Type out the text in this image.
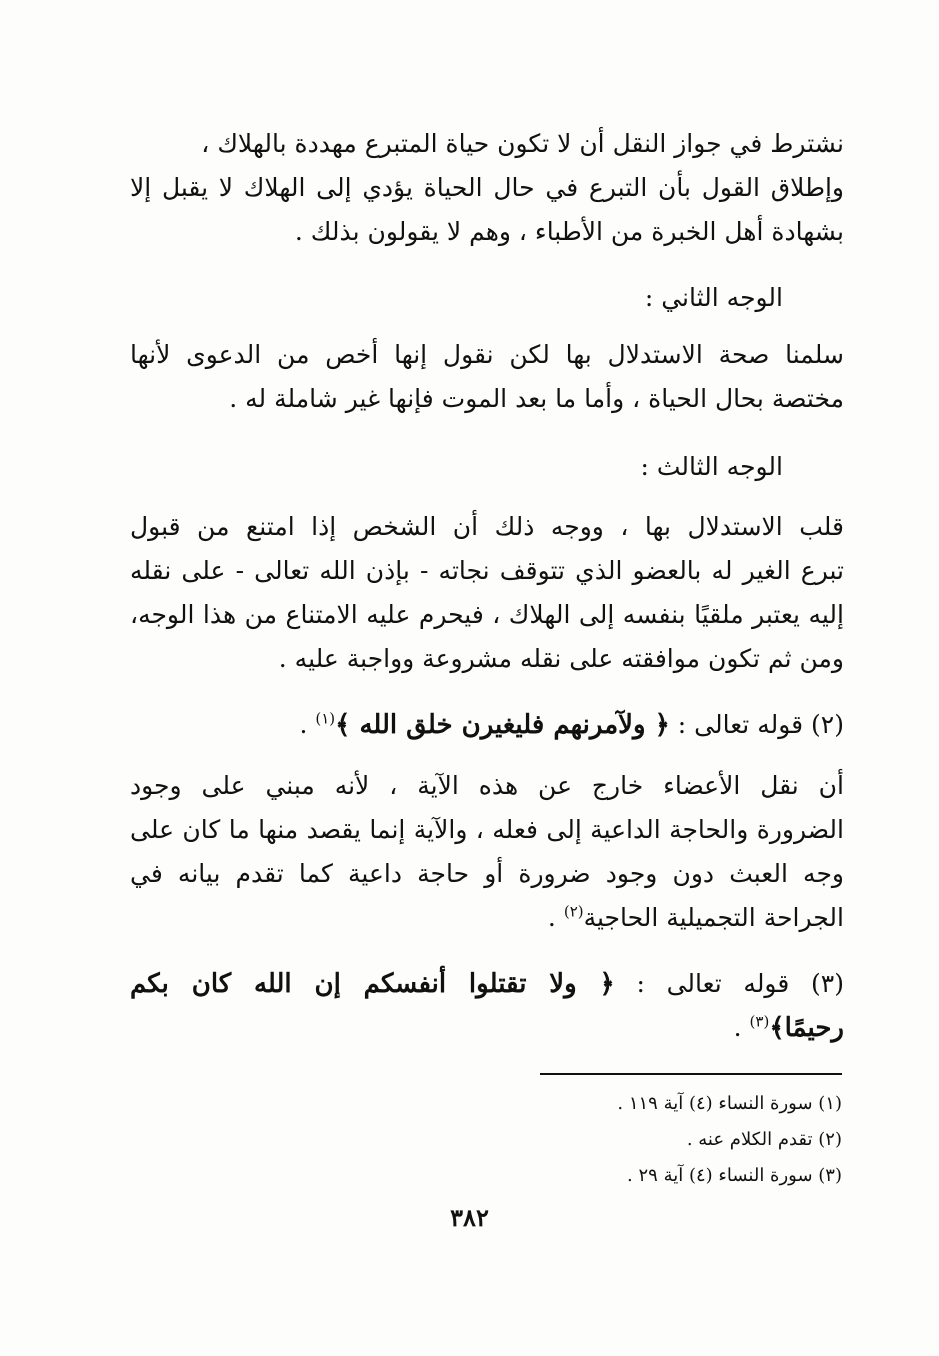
نشترط في جواز النقل أن لا تكون حياة المتبرع مهددة بالهلاك ،
وإطلاق القول بأن التبرع في حال الحياة يؤدي إلى الهلاك لا يقبل إلا
بشهادة أهل الخبرة من الأطباء ، وهم لا يقولون بذلك .
الوجه الثاني :
سلمنا صحة الاستدلال بها لكن نقول إنها أخص من الدعوى لأنها
مختصة بحال الحياة ، وأما ما بعد الموت فإنها غير شاملة له .
الوجه الثالث :
قلب الاستدلال بها ، ووجه ذلك أن الشخص إذا امتنع من قبول
تبرع الغير له بالعضو الذي تتوقف نجاته - بإذن الله تعالى - على نقله
إليه يعتبر ملقيًا بنفسه إلى الهلاك ، فيحرم عليه الامتناع من هذا الوجه،
ومن ثم تكون موافقته على نقله مشروعة وواجبة عليه .
(٢) قوله تعالى : ﴿ ولآمرنهم فليغيرن خلق الله ﴾$^{(١)}$ .
أن نقل الأعضاء خارج عن هذه الآية ، لأنه مبني على وجود
الضرورة والحاجة الداعية إلى فعله ، والآية إنما يقصد منها ما كان على
وجه العبث دون وجود ضرورة أو حاجة داعية كما تقدم بيانه في
الجراحة التجميلية الحاجية$^{(٢)}$ .
(٣) قوله تعالى : ﴿ ولا تقتلوا أنفسكم إن الله كان بكم
رحيمًا﴾$^{(٣)}$ .
(١) سورة النساء (٤) آية ١١٩ .
(٢) تقدم الكلام عنه .
(٣) سورة النساء (٤) آية ٢٩ .
٣٨٢
